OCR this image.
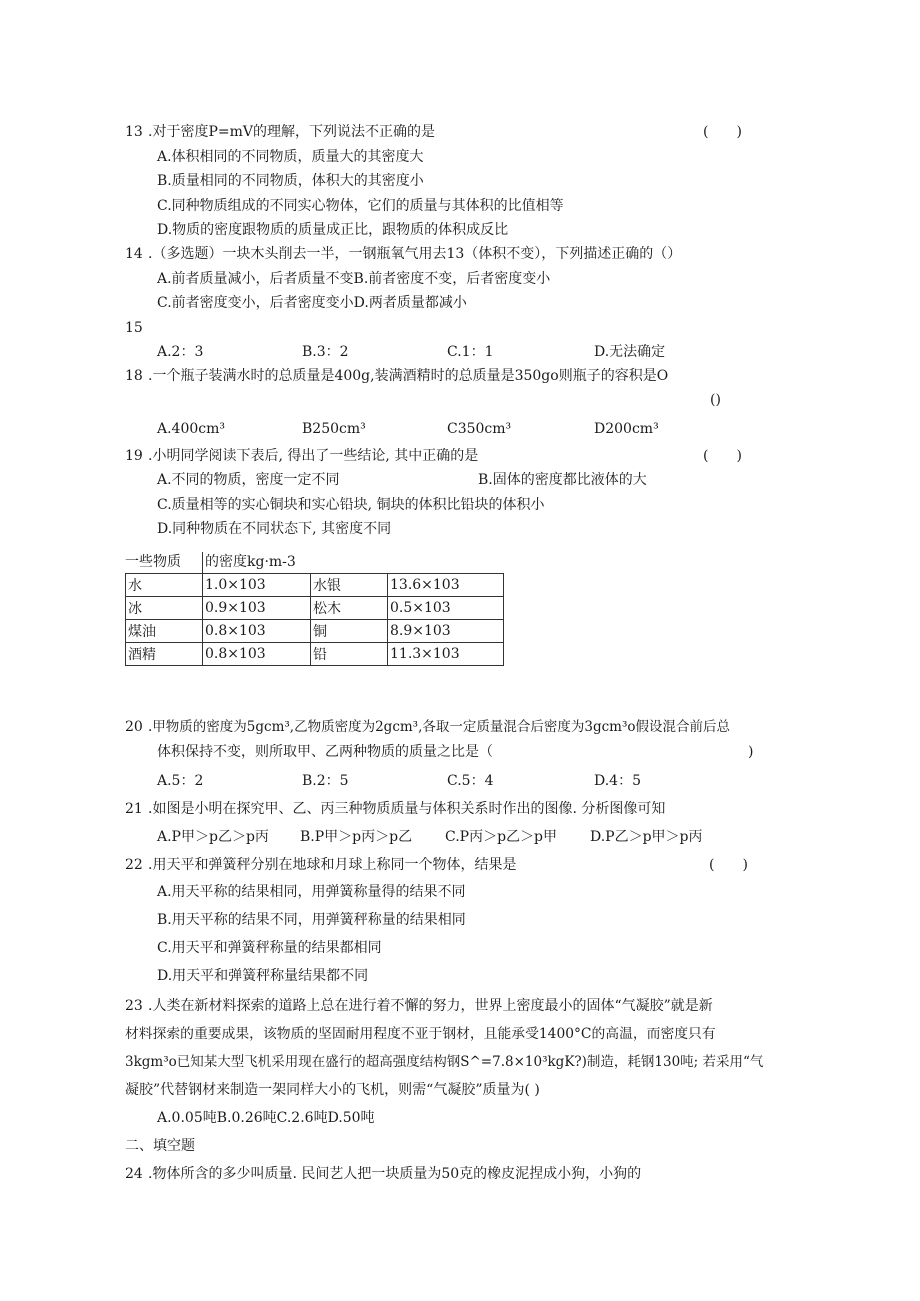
13 .对于密度P=mV的理解，下列说法不正确的是	(　　)
A.体积相同的不同物质，质量大的其密度大
B.质量相同的不同物质，体积大的其密度小
C.同种物质组成的不同实心物体，它们的质量与其体积的比值相等
D.物质的密度跟物质的质量成正比，跟物质的体积成反比
14 .（多选题）一块木头削去一半，一钢瓶氧气用去13（体积不变），下列描述正确的（）
A.前者质量减小，后者质量不变B.前者密度不变，后者密度变小
C.前者密度变小，后者密度变小D.两者质量都减小
15
A.2：3	B.3：2	C.1：1	D.无法确定
18 .一个瓶子装满水时的总质量是400g,装满酒精时的总质量是350go则瓶子的容积是O
()
A.400cm³	B250cm³	C350cm³	D200cm³
19 .小明同学阅读下表后, 得出了一些结论, 其中正确的是	(　　)
A.不同的物质，密度一定不同	B.固体的密度都比液体的大
C.质量相等的实心铜块和实心铅块, 铜块的体积比铅块的体积小
D.同种物质在不同状态下, 其密度不同
一些物质 的密度kg·m-3
水	1.0×103	水银	13.6×103
冰	0.9×103	松木	0.5×103
煤油	0.8×103	铜	8.9×103
酒精	0.8×103	铅	11.3×103
20 .甲物质的密度为5gcm³,乙物质密度为2gcm³,各取一定质量混合后密度为3gcm³o假设混合前后总
体积保持不变，则所取甲、乙两种物质的质量之比是（	)
A.5：2	B.2：5	C.5：4	D.4：5
21 .如图是小明在探究甲、乙、丙三种物质质量与体积关系时作出的图像. 分析图像可知
A.P甲＞p乙＞p丙 B.P甲＞p丙＞p乙 C.P丙＞p乙＞p甲 D.P乙＞p甲＞p丙
22 .用天平和弹簧秤分别在地球和月球上称同一个物体，结果是	(　　)
A.用天平称的结果相同，用弹簧称量得的结果不同
B.用天平称的结果不同，用弹簧秤称量的结果相同
C.用天平和弹簧秤称量的结果都相同
D.用天平和弹簧秤称量结果都不同
23 .人类在新材料探索的道路上总在进行着不懈的努力，世界上密度最小的固体“气凝胶”就是新
材料探索的重要成果，该物质的坚固耐用程度不亚于钢材，且能承受1400°C的高温，而密度只有
3kgm³o已知某大型飞机采用现在盛行的超高强度结构钢S^=7.8×10³kgK?)制造，耗钢130吨; 若采用“气
凝胶”代替钢材来制造一架同样大小的飞机，则需“气凝胶”质量为( )
A.0.05吨B.0.26吨C.2.6吨D.50吨
二、填空题
24 .物体所含的多少叫质量. 民间艺人把一块质量为50克的橡皮泥捏成小狗，小狗的
